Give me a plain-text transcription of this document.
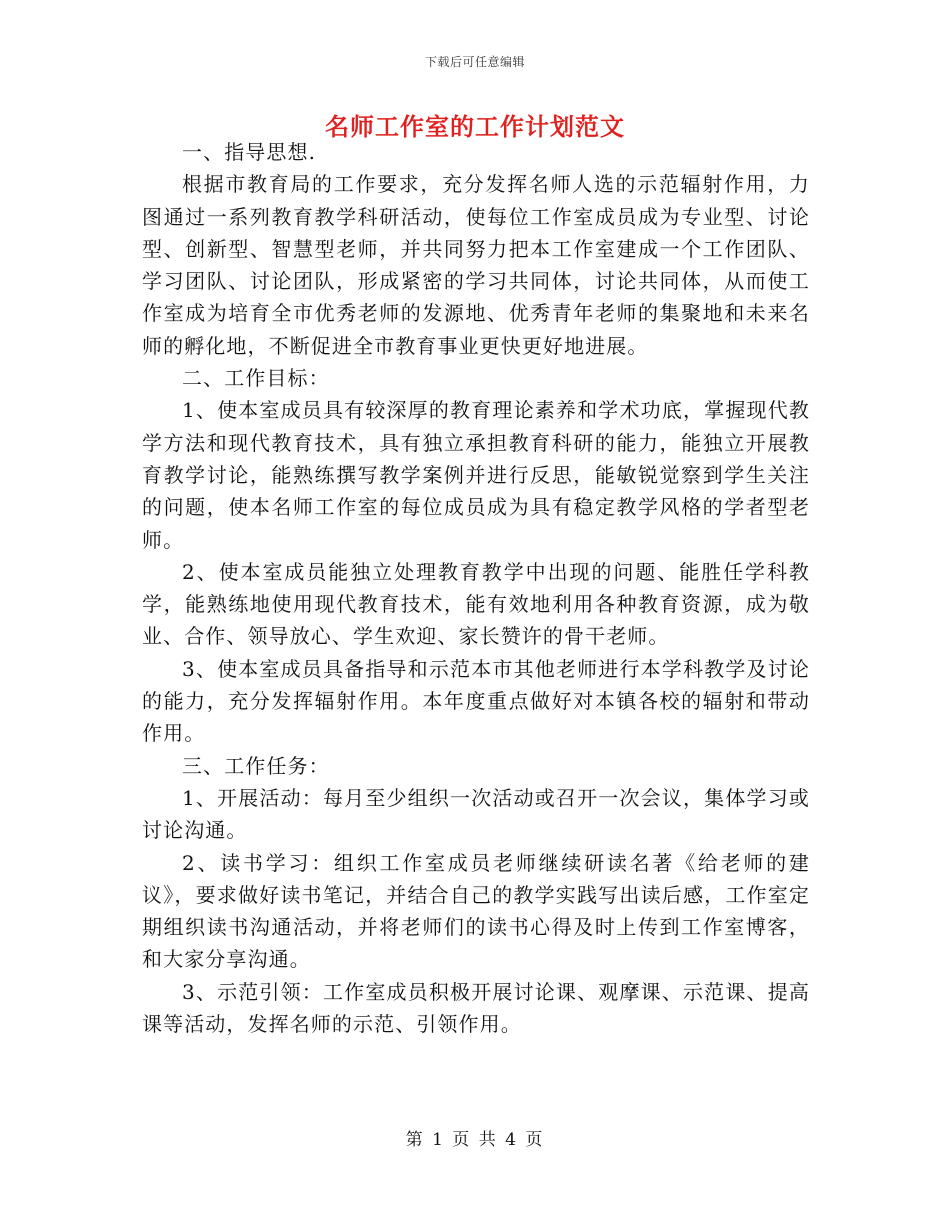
下载后可任意编辑
名师工作室的工作计划范文

一、指导思想.

根据市教育局的工作要求，充分发挥名师人选的示范辐射作用，力图通过一系列教育教学科研活动，使每位工作室成员成为专业型、讨论型、创新型、智慧型老师，并共同努力把本工作室建成一个工作团队、学习团队、讨论团队，形成紧密的学习共同体，讨论共同体，从而使工作室成为培育全市优秀老师的发源地、优秀青年老师的集聚地和未来名师的孵化地，不断促进全市教育事业更快更好地进展。

二、工作目标：

1、使本室成员具有较深厚的教育理论素养和学术功底，掌握现代教学方法和现代教育技术，具有独立承担教育科研的能力，能独立开展教育教学讨论，能熟练撰写教学案例并进行反思，能敏锐觉察到学生关注的问题，使本名师工作室的每位成员成为具有稳定教学风格的学者型老师。

2、使本室成员能独立处理教育教学中出现的问题、能胜任学科教学，能熟练地使用现代教育技术，能有效地利用各种教育资源，成为敬业、合作、领导放心、学生欢迎、家长赞许的骨干老师。

3、使本室成员具备指导和示范本市其他老师进行本学科教学及讨论的能力，充分发挥辐射作用。本年度重点做好对本镇各校的辐射和带动作用。

三、工作任务：

1、开展活动：每月至少组织一次活动或召开一次会议，集体学习或讨论沟通。

2、读书学习：组织工作室成员老师继续研读名著《给老师的建议》，要求做好读书笔记，并结合自己的教学实践写出读后感，工作室定期组织读书沟通活动，并将老师们的读书心得及时上传到工作室博客，和大家分享沟通。

3、示范引领：工作室成员积极开展讨论课、观摩课、示范课、提高课等活动，发挥名师的示范、引领作用。

第 1 页 共 4 页
